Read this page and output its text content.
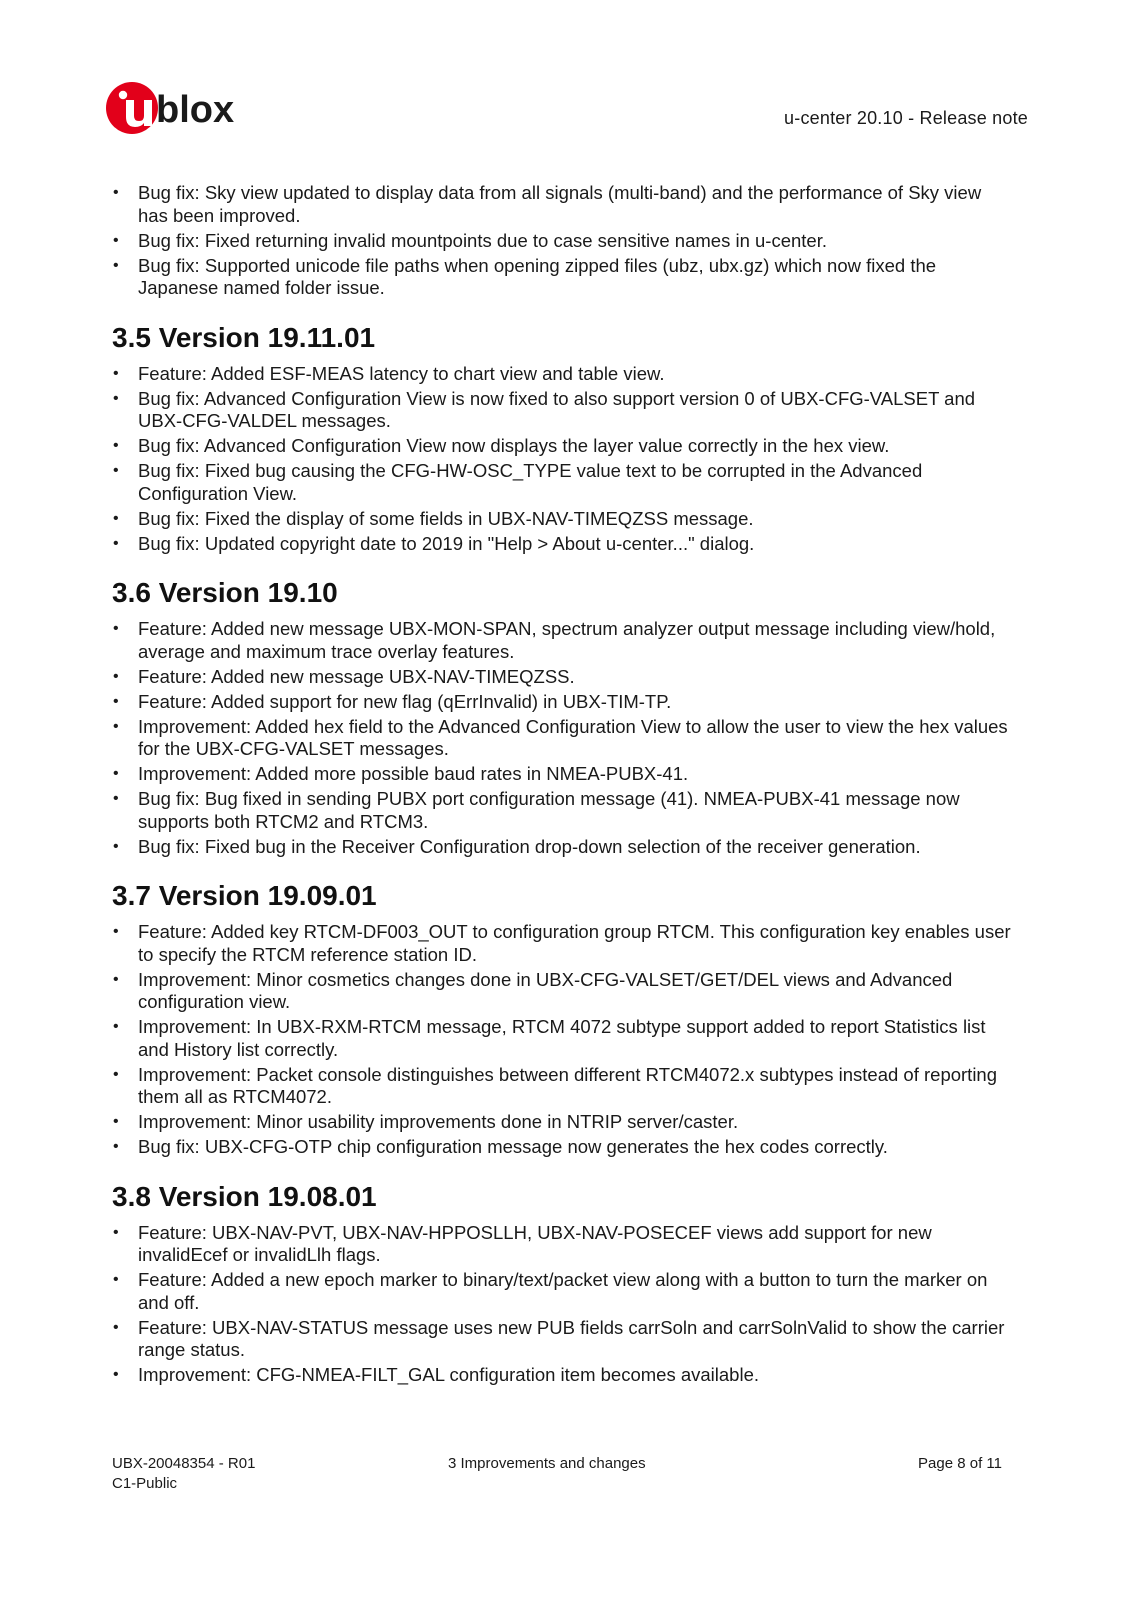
blox	u-center 20.10 - Release note
• Bug fix: Sky view updated to display data from all signals (multi-band) and the performance of Sky view has been improved.
• Bug fix: Fixed returning invalid mountpoints due to case sensitive names in u-center.
• Bug fix: Supported unicode file paths when opening zipped files (ubz, ubx.gz) which now fixed the Japanese named folder issue.
3.5 Version 19.11.01
• Feature: Added ESF-MEAS latency to chart view and table view.
• Bug fix: Advanced Configuration View is now fixed to also support version 0 of UBX-CFG-VALSET and UBX-CFG-VALDEL messages.
• Bug fix: Advanced Configuration View now displays the layer value correctly in the hex view.
• Bug fix: Fixed bug causing the CFG-HW-OSC_TYPE value text to be corrupted in the Advanced Configuration View.
• Bug fix: Fixed the display of some fields in UBX-NAV-TIMEQZSS message.
• Bug fix: Updated copyright date to 2019 in "Help > About u-center..." dialog.
3.6 Version 19.10
• Feature: Added new message UBX-MON-SPAN, spectrum analyzer output message including view/hold, average and maximum trace overlay features.
• Feature: Added new message UBX-NAV-TIMEQZSS.
• Feature: Added support for new flag (qErrInvalid) in UBX-TIM-TP.
• Improvement: Added hex field to the Advanced Configuration View to allow the user to view the hex values for the UBX-CFG-VALSET messages.
• Improvement: Added more possible baud rates in NMEA-PUBX-41.
• Bug fix: Bug fixed in sending PUBX port configuration message (41). NMEA-PUBX-41 message now supports both RTCM2 and RTCM3.
• Bug fix: Fixed bug in the Receiver Configuration drop-down selection of the receiver generation.
3.7 Version 19.09.01
• Feature: Added key RTCM-DF003_OUT to configuration group RTCM. This configuration key enables user to specify the RTCM reference station ID.
• Improvement: Minor cosmetics changes done in UBX-CFG-VALSET/GET/DEL views and Advanced configuration view.
• Improvement: In UBX-RXM-RTCM message, RTCM 4072 subtype support added to report Statistics list and History list correctly.
• Improvement: Packet console distinguishes between different RTCM4072.x subtypes instead of reporting them all as RTCM4072.
• Improvement: Minor usability improvements done in NTRIP server/caster.
• Bug fix: UBX-CFG-OTP chip configuration message now generates the hex codes correctly.
3.8 Version 19.08.01
• Feature: UBX-NAV-PVT, UBX-NAV-HPPOSLLH, UBX-NAV-POSECEF views add support for new invalidEcef or invalidLlh flags.
• Feature: Added a new epoch marker to binary/text/packet view along with a button to turn the marker on and off.
• Feature: UBX-NAV-STATUS message uses new PUB fields carrSoln and carrSolnValid to show the carrier range status.
• Improvement: CFG-NMEA-FILT_GAL configuration item becomes available.
UBX-20048354 - R01
C1-Public
3 Improvements and changes	Page 8 of 11
